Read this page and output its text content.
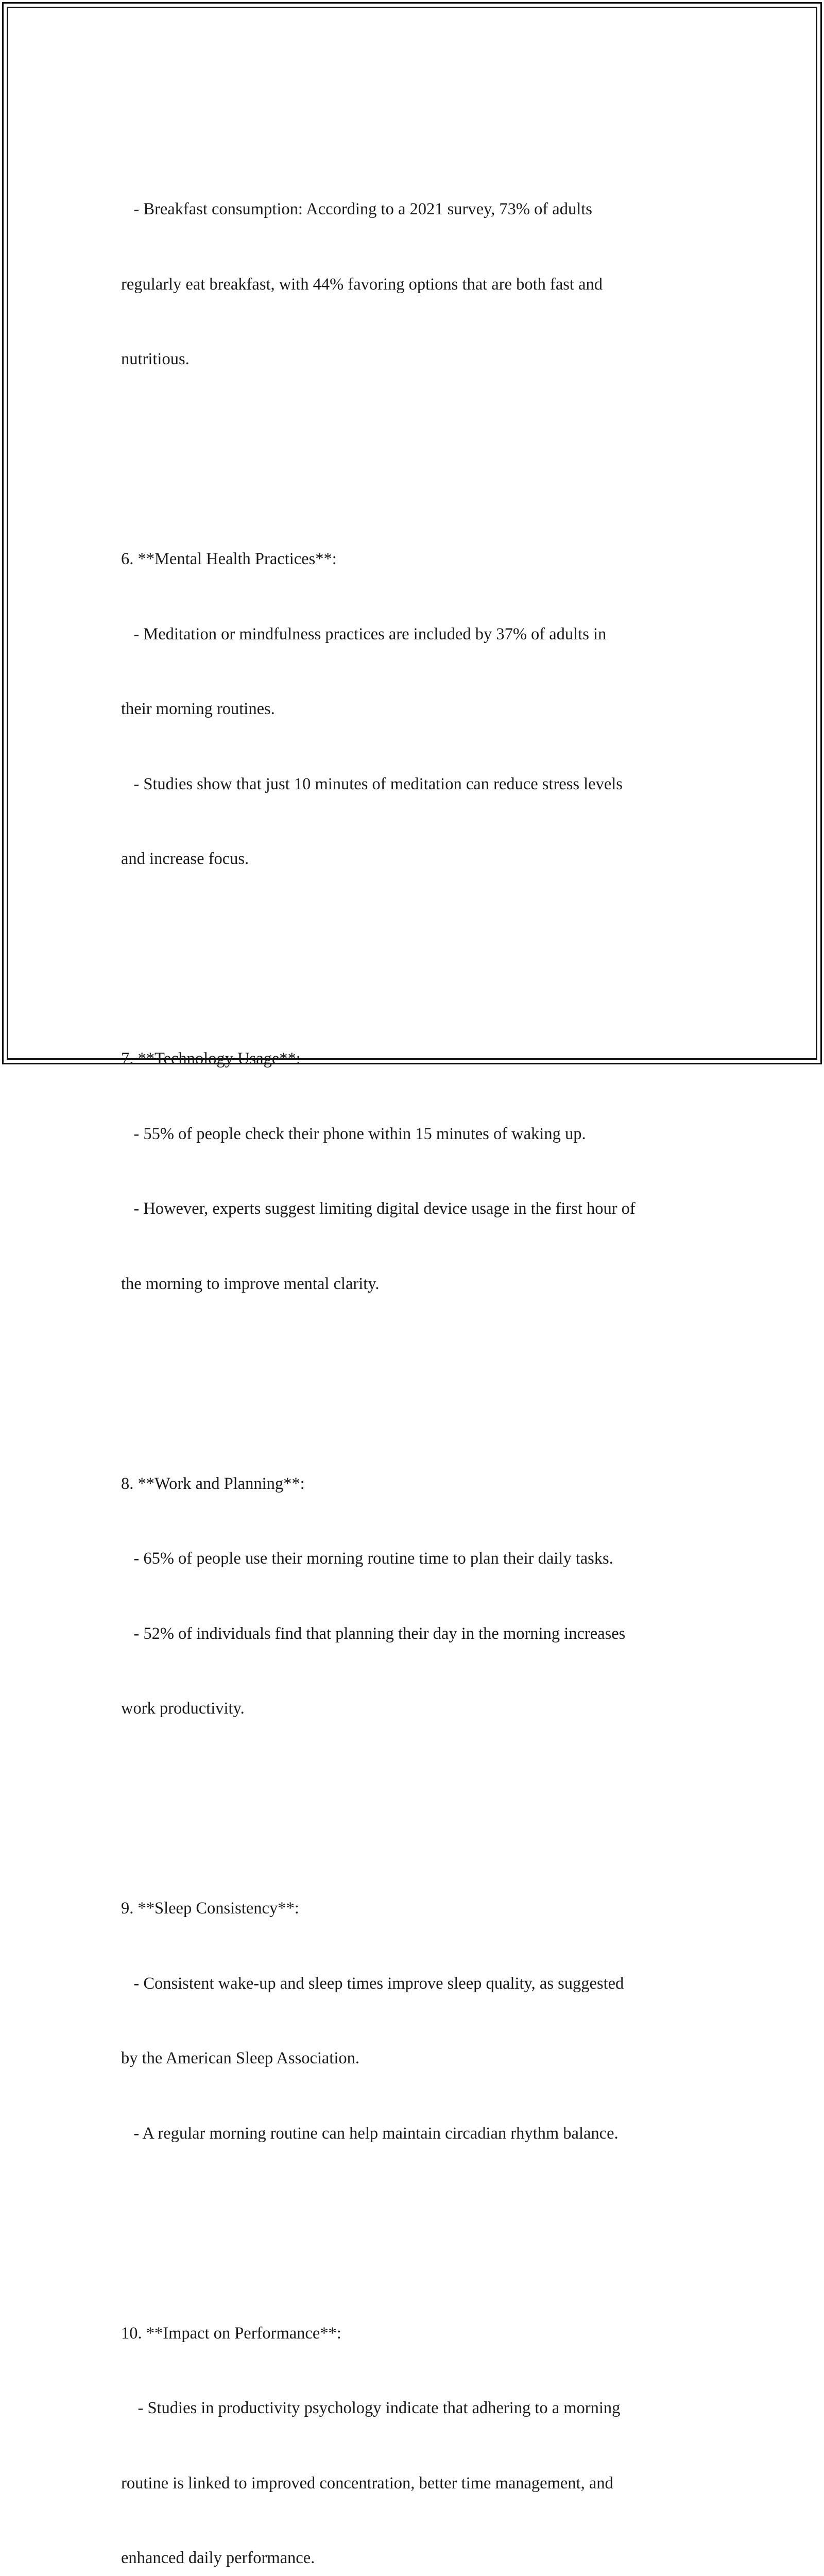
- Breakfast consumption: According to a 2021 survey, 73% of adults

regularly eat breakfast, with 44% favoring options that are both fast and

nutritious.

6. **Mental Health Practices**:

- Meditation or mindfulness practices are included by 37% of adults in

their morning routines.

- Studies show that just 10 minutes of meditation can reduce stress levels

and increase focus.

7. **Technology Usage**:

- 55% of people check their phone within 15 minutes of waking up.

- However, experts suggest limiting digital device usage in the first hour of

the morning to improve mental clarity.

8. **Work and Planning**:

- 65% of people use their morning routine time to plan their daily tasks.

- 52% of individuals find that planning their day in the morning increases

work productivity.

9. **Sleep Consistency**:

- Consistent wake-up and sleep times improve sleep quality, as suggested

by the American Sleep Association.

- A regular morning routine can help maintain circadian rhythm balance.

10. **Impact on Performance**:

- Studies in productivity psychology indicate that adhering to a morning

routine is linked to improved concentration, better time management, and

enhanced daily performance.
